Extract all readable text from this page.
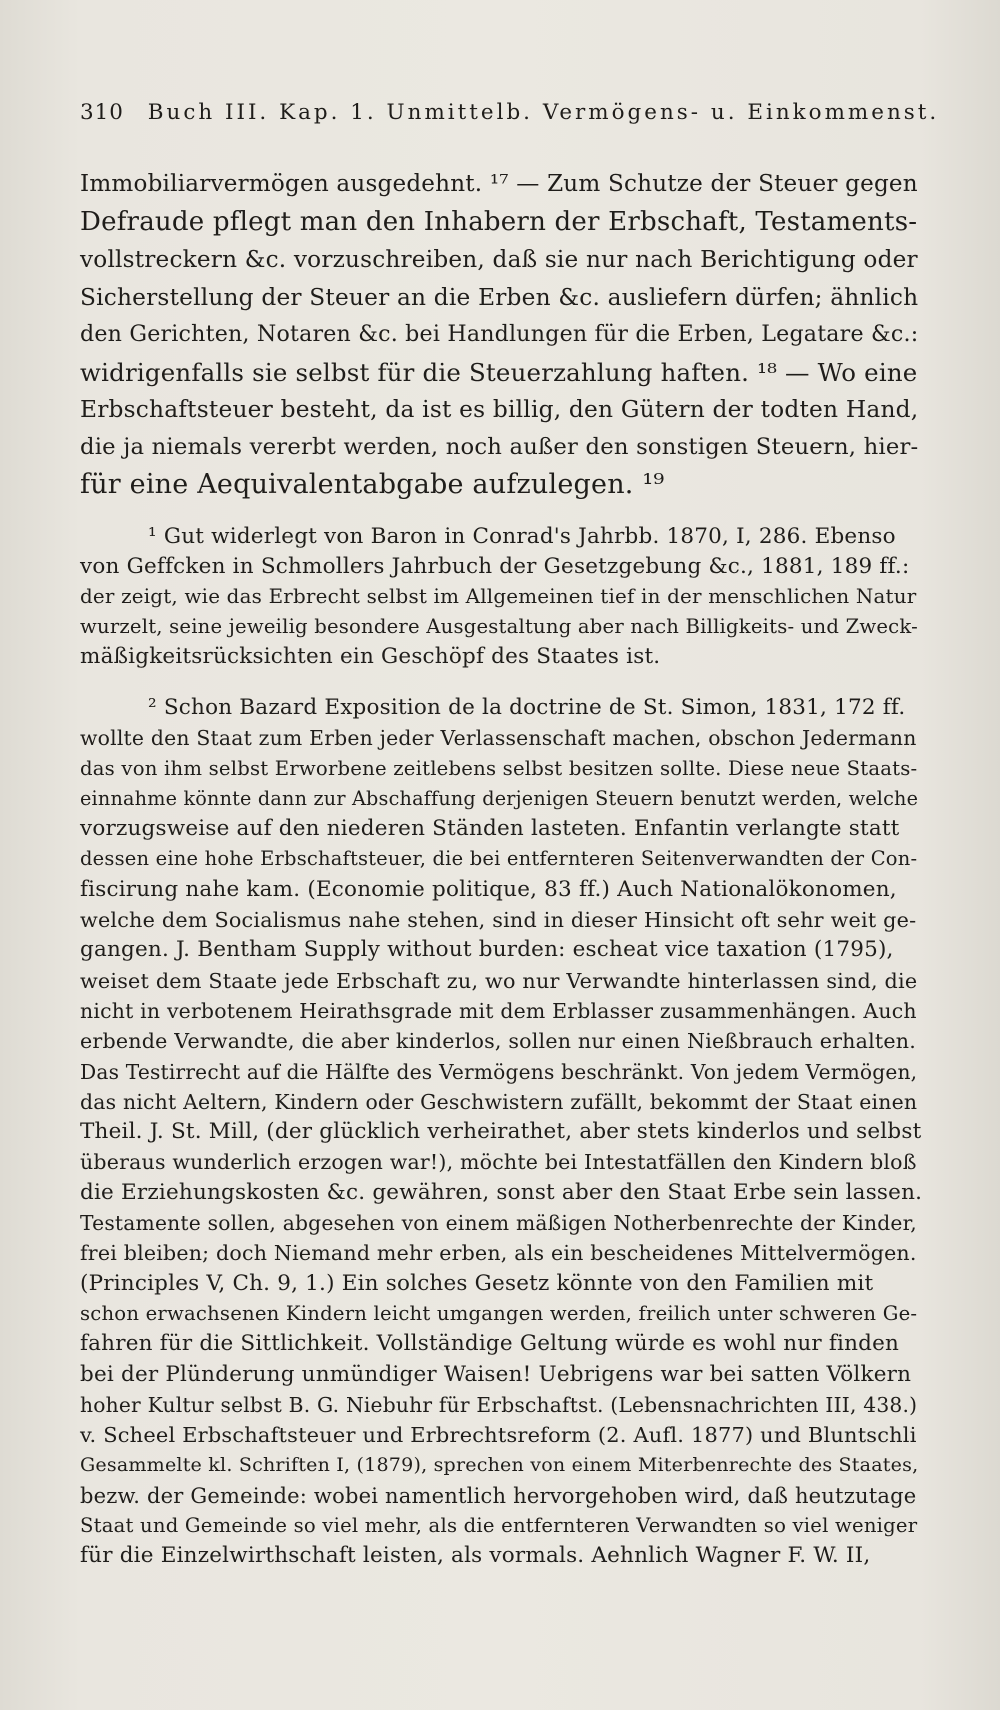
310 Buch III. Kap. 1. Unmittelb. Vermögens- u. Einkommenst.
Immobiliarvermögen ausgedehnt. ¹⁷ — Zum Schutze der Steuer gegen
Defraude pflegt man den Inhabern der Erbschaft, Testaments-
vollstreckern &c. vorzuschreiben, daß sie nur nach Berichtigung oder
Sicherstellung der Steuer an die Erben &c. ausliefern dürfen; ähnlich
den Gerichten, Notaren &c. bei Handlungen für die Erben, Legatare &c.:
widrigenfalls sie selbst für die Steuerzahlung haften. ¹⁸ — Wo eine
Erbschaftsteuer besteht, da ist es billig, den Gütern der todten Hand,
die ja niemals vererbt werden, noch außer den sonstigen Steuern, hier-
für eine Aequivalentabgabe aufzulegen. ¹⁹
¹ Gut widerlegt von Baron in Conrad's Jahrbb. 1870, I, 286. Ebenso
von Geffcken in Schmollers Jahrbuch der Gesetzgebung &c., 1881, 189 ff.:
der zeigt, wie das Erbrecht selbst im Allgemeinen tief in der menschlichen Natur
wurzelt, seine jeweilig besondere Ausgestaltung aber nach Billigkeits- und Zweck-
mäßigkeitsrücksichten ein Geschöpf des Staates ist.
² Schon Bazard Exposition de la doctrine de St. Simon, 1831, 172 ff.
wollte den Staat zum Erben jeder Verlassenschaft machen, obschon Jedermann
das von ihm selbst Erworbene zeitlebens selbst besitzen sollte. Diese neue Staats-
einnahme könnte dann zur Abschaffung derjenigen Steuern benutzt werden, welche
vorzugsweise auf den niederen Ständen lasteten. Enfantin verlangte statt
dessen eine hohe Erbschaftsteuer, die bei entfernteren Seitenverwandten der Con-
fiscirung nahe kam. (Economie politique, 83 ff.) Auch Nationalökonomen,
welche dem Socialismus nahe stehen, sind in dieser Hinsicht oft sehr weit ge-
gangen. J. Bentham Supply without burden: escheat vice taxation (1795),
weiset dem Staate jede Erbschaft zu, wo nur Verwandte hinterlassen sind, die
nicht in verbotenem Heirathsgrade mit dem Erblasser zusammenhängen. Auch
erbende Verwandte, die aber kinderlos, sollen nur einen Nießbrauch erhalten.
Das Testirrecht auf die Hälfte des Vermögens beschränkt. Von jedem Vermögen,
das nicht Aeltern, Kindern oder Geschwistern zufällt, bekommt der Staat einen
Theil. J. St. Mill, (der glücklich verheirathet, aber stets kinderlos und selbst
überaus wunderlich erzogen war!), möchte bei Intestatfällen den Kindern bloß
die Erziehungskosten &c. gewähren, sonst aber den Staat Erbe sein lassen.
Testamente sollen, abgesehen von einem mäßigen Notherbenrechte der Kinder,
frei bleiben; doch Niemand mehr erben, als ein bescheidenes Mittelvermögen.
(Principles V, Ch. 9, 1.) Ein solches Gesetz könnte von den Familien mit
schon erwachsenen Kindern leicht umgangen werden, freilich unter schweren Ge-
fahren für die Sittlichkeit. Vollständige Geltung würde es wohl nur finden
bei der Plünderung unmündiger Waisen! Uebrigens war bei satten Völkern
hoher Kultur selbst B. G. Niebuhr für Erbschaftst. (Lebensnachrichten III, 438.)
v. Scheel Erbschaftsteuer und Erbrechtsreform (2. Aufl. 1877) und Bluntschli
Gesammelte kl. Schriften I, (1879), sprechen von einem Miterbenrechte des Staates,
bezw. der Gemeinde: wobei namentlich hervorgehoben wird, daß heutzutage
Staat und Gemeinde so viel mehr, als die entfernteren Verwandten so viel weniger
für die Einzelwirthschaft leisten, als vormals. Aehnlich Wagner F. W. II,
